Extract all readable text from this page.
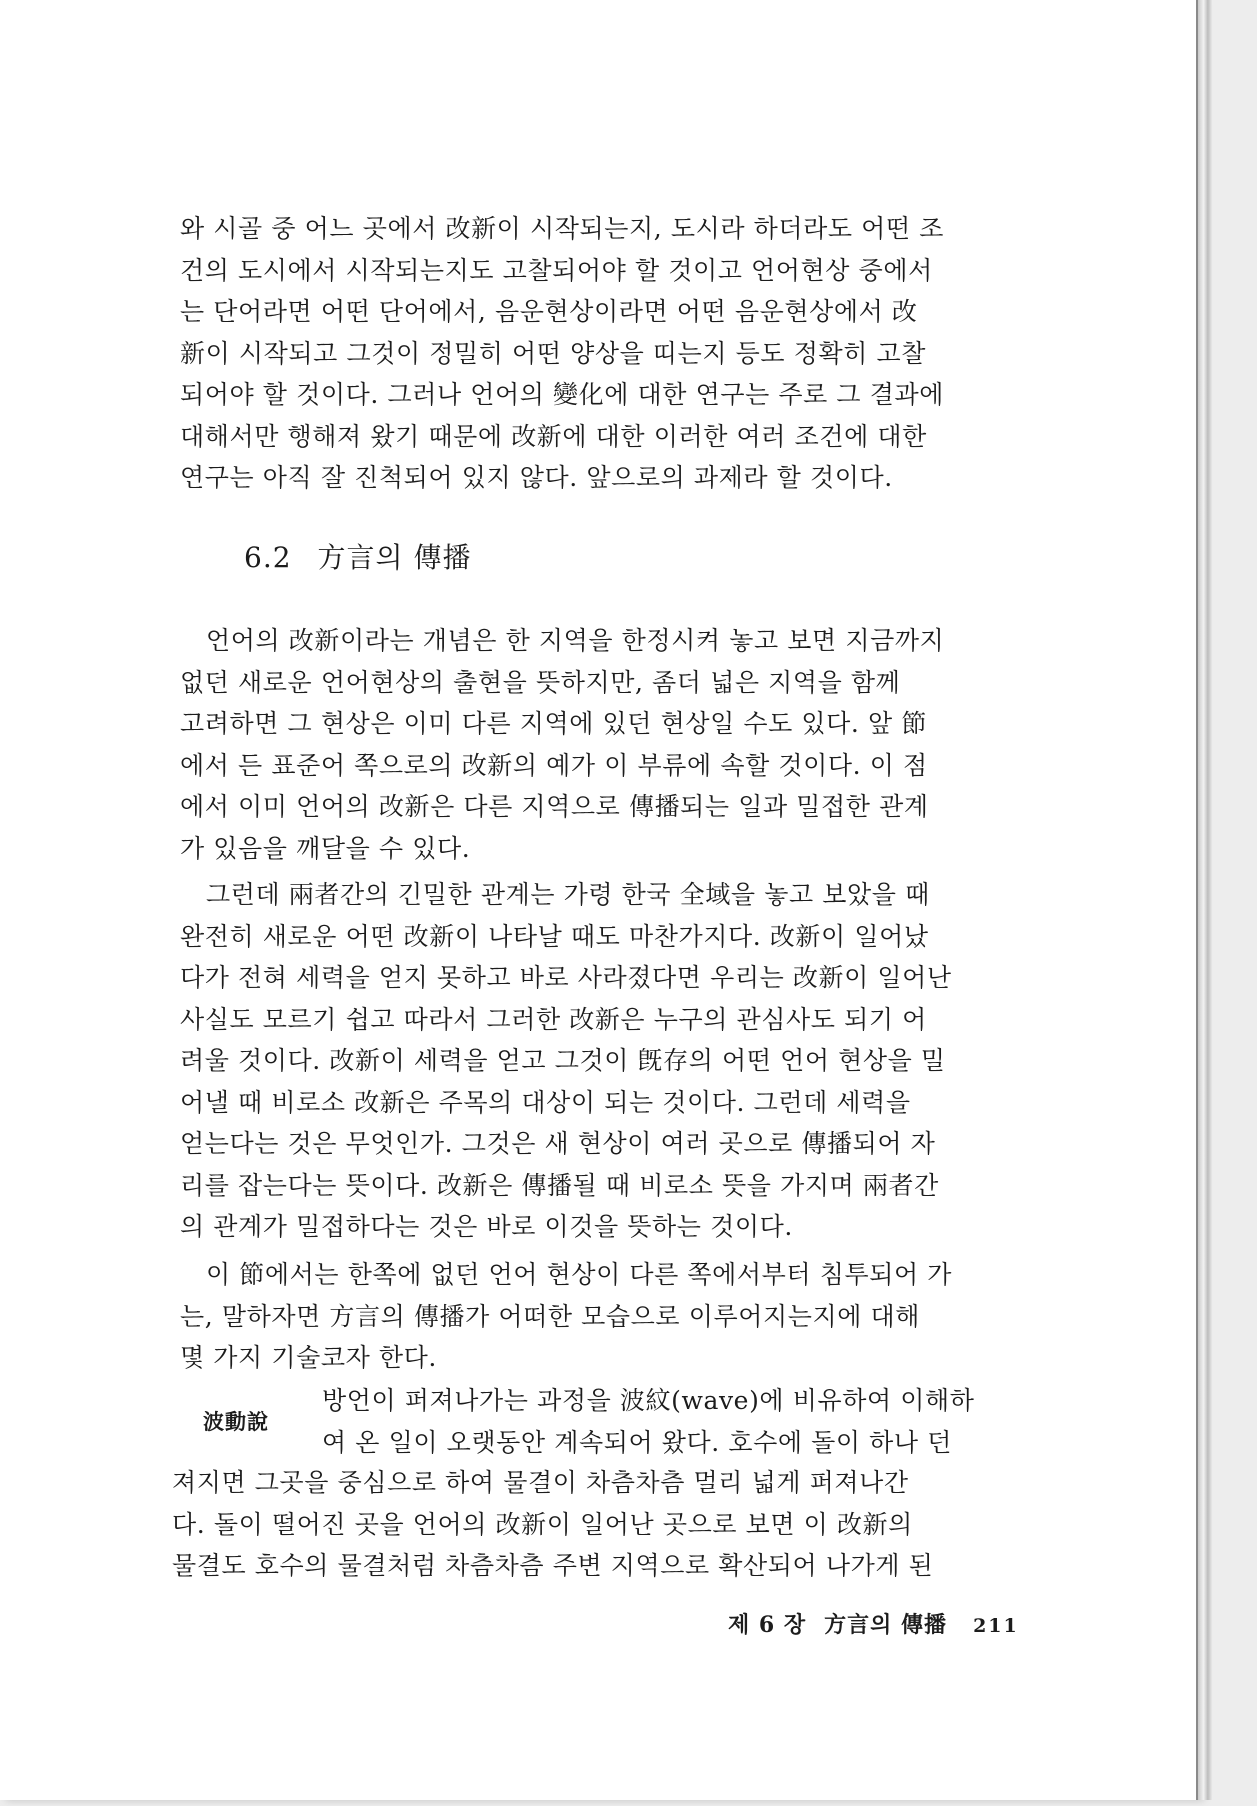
와 시골 중 어느 곳에서 改新이 시작되는지, 도시라 하더라도 어떤 조
건의 도시에서 시작되는지도 고찰되어야 할 것이고 언어현상 중에서
는 단어라면 어떤 단어에서, 음운현상이라면 어떤 음운현상에서 改
新이 시작되고 그것이 정밀히 어떤 양상을 띠는지 등도 정확히 고찰
되어야 할 것이다. 그러나 언어의 變化에 대한 연구는 주로 그 결과에
대해서만 행해져 왔기 때문에 改新에 대한 이러한 여러 조건에 대한
연구는 아직 잘 진척되어 있지 않다. 앞으로의 과제라 할 것이다.

6.2 方言의 傳播

언어의 改新이라는 개념은 한 지역을 한정시켜 놓고 보면 지금까지
없던 새로운 언어현상의 출현을 뜻하지만, 좀더 넓은 지역을 함께
고려하면 그 현상은 이미 다른 지역에 있던 현상일 수도 있다. 앞 節
에서 든 표준어 쪽으로의 改新의 예가 이 부류에 속할 것이다. 이 점
에서 이미 언어의 改新은 다른 지역으로 傳播되는 일과 밀접한 관계
가 있음을 깨달을 수 있다.

그런데 兩者간의 긴밀한 관계는 가령 한국 全域을 놓고 보았을 때
완전히 새로운 어떤 改新이 나타날 때도 마찬가지다. 改新이 일어났
다가 전혀 세력을 얻지 못하고 바로 사라졌다면 우리는 改新이 일어난
사실도 모르기 쉽고 따라서 그러한 改新은 누구의 관심사도 되기 어
려울 것이다. 改新이 세력을 얻고 그것이 旣存의 어떤 언어 현상을 밀
어낼 때 비로소 改新은 주목의 대상이 되는 것이다. 그런데 세력을
얻는다는 것은 무엇인가. 그것은 새 현상이 여러 곳으로 傳播되어 자
리를 잡는다는 뜻이다. 改新은 傳播될 때 비로소 뜻을 가지며 兩者간
의 관계가 밀접하다는 것은 바로 이것을 뜻하는 것이다.

이 節에서는 한쪽에 없던 언어 현상이 다른 쪽에서부터 침투되어 가
는, 말하자면 方言의 傳播가 어떠한 모습으로 이루어지는지에 대해
몇 가지 기술코자 한다.

波動說

방언이 퍼져나가는 과정을 波紋(wave)에 비유하여 이해하
여 온 일이 오랫동안 계속되어 왔다. 호수에 돌이 하나 던

져지면 그곳을 중심으로 하여 물결이 차츰차츰 멀리 넓게 퍼져나간
다. 돌이 떨어진 곳을 언어의 改新이 일어난 곳으로 보면 이 改新의
물결도 호수의 물결처럼 차츰차츰 주변 지역으로 확산되어 나가게 된

제 6 장 方言의 傳播 211
